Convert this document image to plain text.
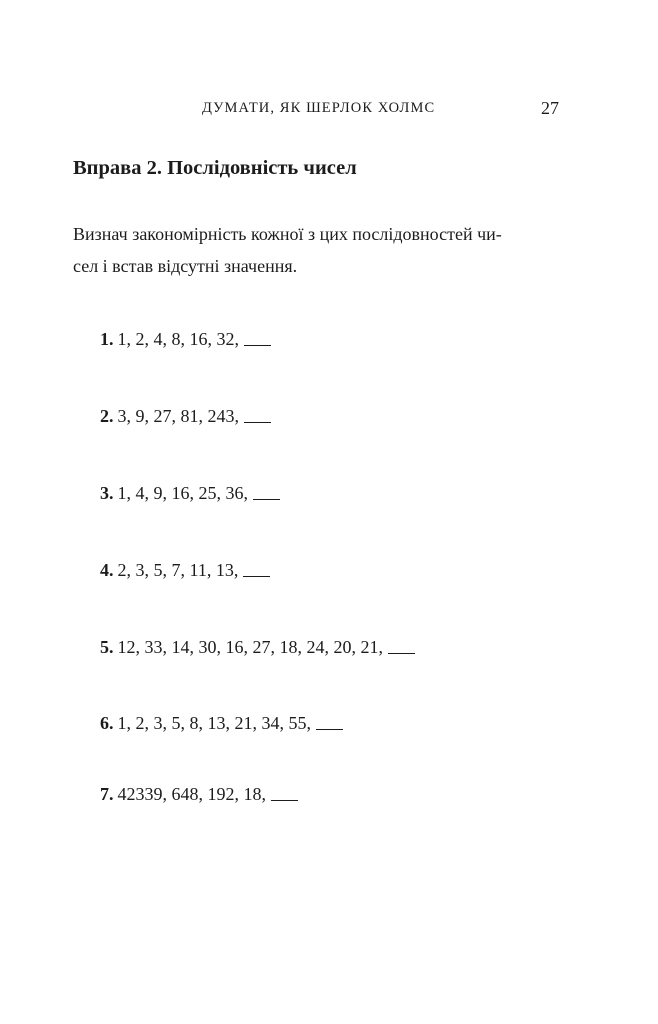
ДУМАТИ, ЯК ШЕРЛОК ХОЛМС	27
Вправа 2. Послідовність чисел
Визнач закономірність кожної з цих послідовностей чи-
сел і встав відсутні значення.
1. 1, 2, 4, 8, 16, 32,
2. 3, 9, 27, 81, 243,
3. 1, 4, 9, 16, 25, 36,
4. 2, 3, 5, 7, 11, 13,
5. 12, 33, 14, 30, 16, 27, 18, 24, 20, 21,
6. 1, 2, 3, 5, 8, 13, 21, 34, 55,
7. 42339, 648, 192, 18,
